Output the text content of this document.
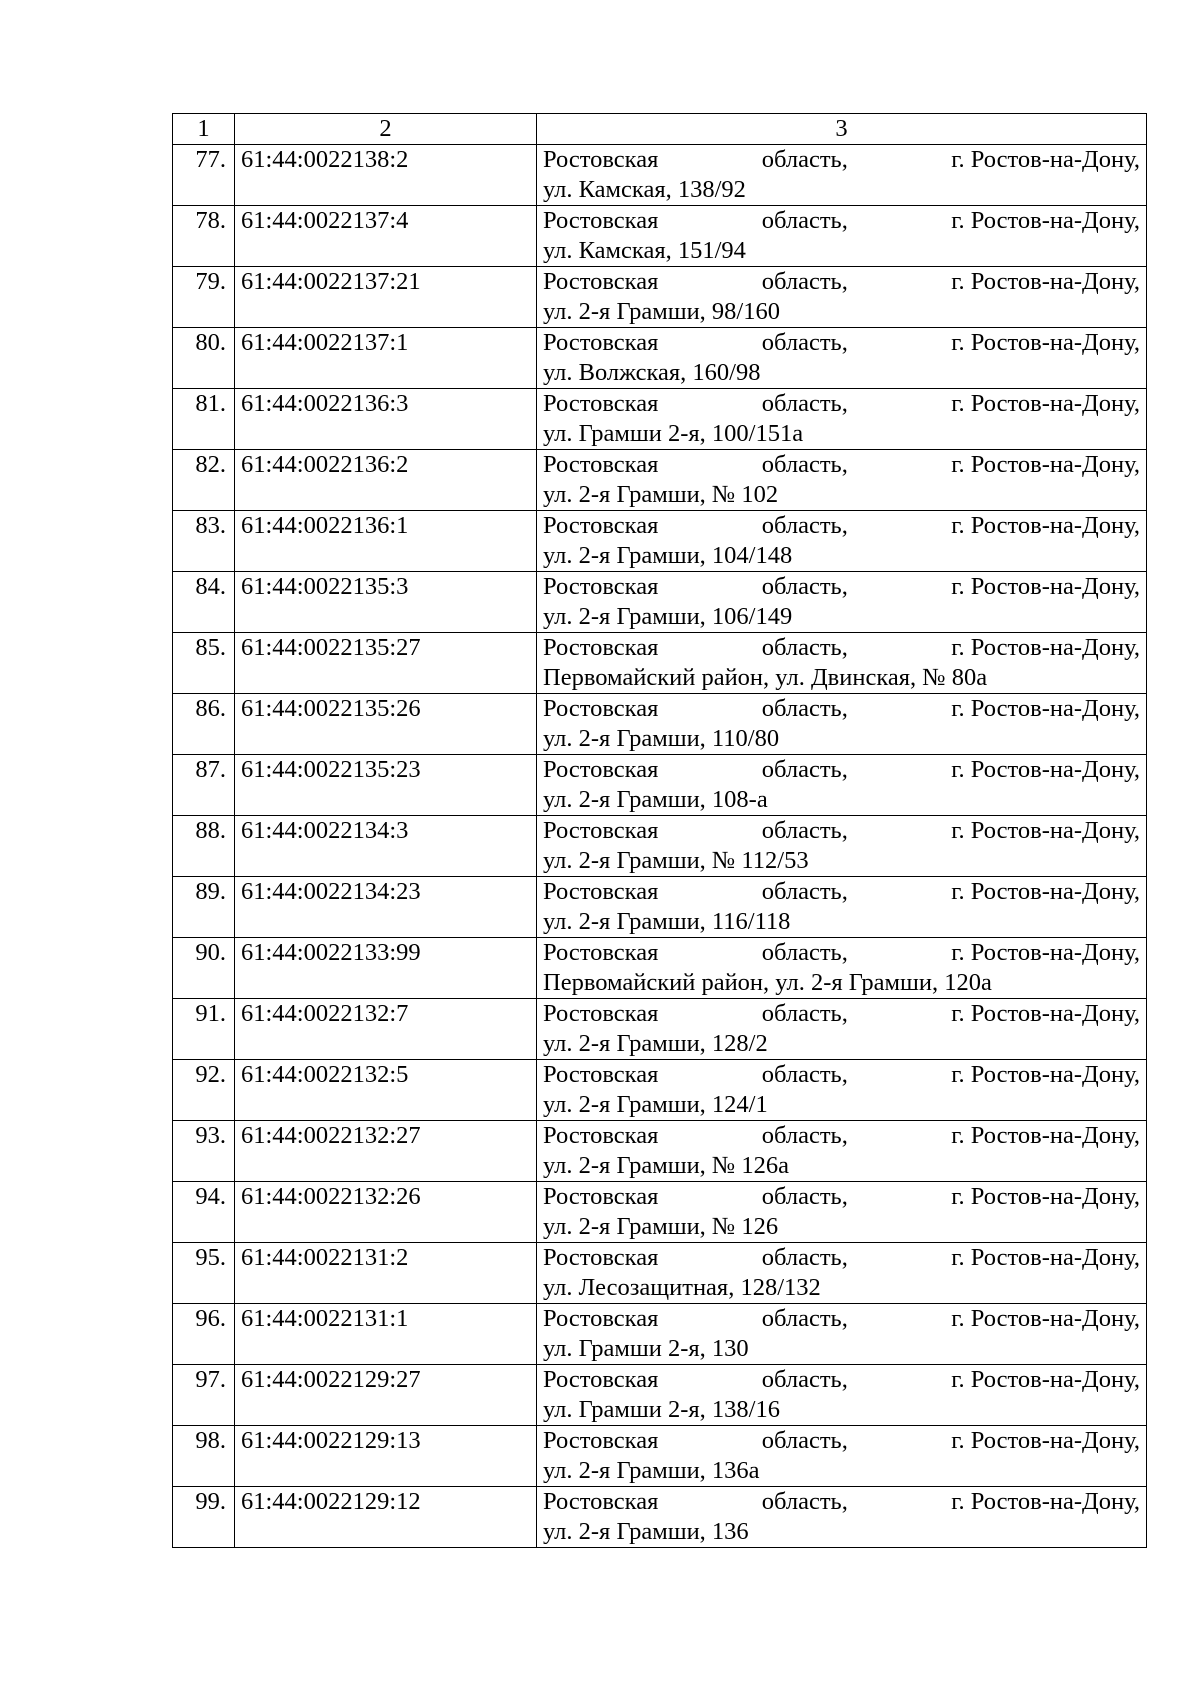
1	2	3
77.	61:44:0022138:2	Ростовская область, г. Ростов-на-Дону,
ул. Камская, 138/92

78.	61:44:0022137:4	Ростовская область, г. Ростов-на-Дону,
ул. Камская, 151/94

79.	61:44:0022137:21	Ростовская область, г. Ростов-на-Дону,
ул. 2-я Грамши, 98/160

80.	61:44:0022137:1	Ростовская область, г. Ростов-на-Дону,
ул. Волжская, 160/98

81.	61:44:0022136:3	Ростовская область, г. Ростов-на-Дону,
ул. Грамши 2-я, 100/151а

82.	61:44:0022136:2	Ростовская область, г. Ростов-на-Дону,
ул. 2-я Грамши, № 102

83.	61:44:0022136:1	Ростовская область, г. Ростов-на-Дону,
ул. 2-я Грамши, 104/148

84.	61:44:0022135:3	Ростовская область, г. Ростов-на-Дону,
ул. 2-я Грамши, 106/149

85.	61:44:0022135:27	Ростовская область, г. Ростов-на-Дону,
Первомайский район, ул. Двинская, № 80а

86.	61:44:0022135:26	Ростовская область, г. Ростов-на-Дону,
ул. 2-я Грамши, 110/80

87.	61:44:0022135:23	Ростовская область, г. Ростов-на-Дону,
ул. 2-я Грамши, 108-а

88.	61:44:0022134:3	Ростовская область, г. Ростов-на-Дону,
ул. 2-я Грамши, № 112/53

89.	61:44:0022134:23	Ростовская область, г. Ростов-на-Дону,
ул. 2-я Грамши, 116/118

90.	61:44:0022133:99	Ростовская область, г. Ростов-на-Дону,
Первомайский район, ул. 2-я Грамши, 120а

91.	61:44:0022132:7	Ростовская область, г. Ростов-на-Дону,
ул. 2-я Грамши, 128/2

92.	61:44:0022132:5	Ростовская область, г. Ростов-на-Дону,
ул. 2-я Грамши, 124/1

93.	61:44:0022132:27	Ростовская область, г. Ростов-на-Дону,
ул. 2-я Грамши, № 126а

94.	61:44:0022132:26	Ростовская область, г. Ростов-на-Дону,
ул. 2-я Грамши, № 126

95.	61:44:0022131:2	Ростовская область, г. Ростов-на-Дону,
ул. Лесозащитная, 128/132

96.	61:44:0022131:1	Ростовская область, г. Ростов-на-Дону,
ул. Грамши 2-я, 130

97.	61:44:0022129:27	Ростовская область, г. Ростов-на-Дону,
ул. Грамши 2-я, 138/16

98.	61:44:0022129:13	Ростовская область, г. Ростов-на-Дону,
ул. 2-я Грамши, 136а

99.	61:44:0022129:12	Ростовская область, г. Ростов-на-Дону,
ул. 2-я Грамши, 136
